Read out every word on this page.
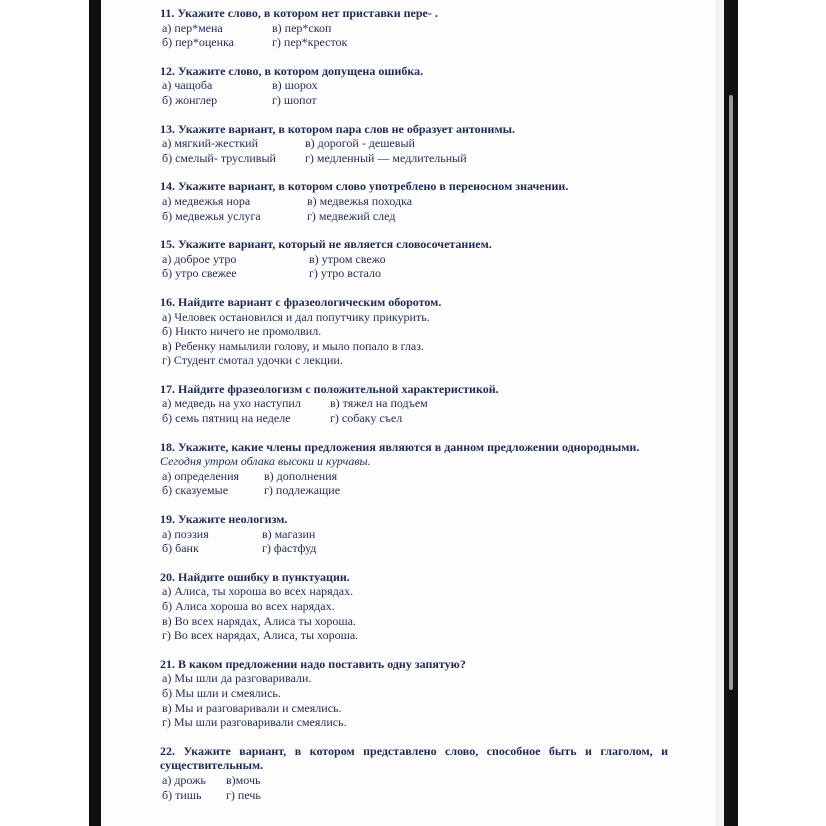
11. Укажите слово, в котором нет приставки пере- .
а) пер*мена	в) пер*скоп
б) пер*оценка	г) пер*кресток
12. Укажите слово, в котором допущена ошибка.
а) чащоба	в) шорох
б) жонглер	г) шопот
13. Укажите вариант, в котором пара слов не образует антонимы.
а) мягкий-жесткий	в) дорогой - дешевый
б) смелый- трусливый	г) медленный — медлительный
14. Укажите вариант, в котором слово употреблено в переносном значении.
а) медвежья нора	в) медвежья походка
б) медвежья услуга	г) медвежий след
15. Укажите вариант, который не является словосочетанием.
а) доброе утро	в) утром свежо
б) утро свежее	г) утро встало
16. Найдите вариант с фразеологическим оборотом.
а) Человек остановился и дал попутчику прикурить.
б) Никто ничего не промолвил.
в) Ребенку намылили голову, и мыло попало в глаз.
г) Студент смотал удочки с лекции.
17. Найдите фразеологизм с положительной характеристикой.
а) медведь на ухо наступил	в) тяжел на подъем
б) семь пятниц на неделе	г) собаку съел
18. Укажите, какие члены предложения являются в данном предложении однородными.
Сегодня утром облака высоки и курчавы.
а) определения	в) дополнения
б) сказуемые	г) подлежащие
19. Укажите неологизм.
а) поэзия	в) магазин
б) банк	г) фастфуд
20. Найдите ошибку в пунктуации.
а) Алиса, ты хороша во всех нарядах.
б) Алиса хороша во всех нарядах.
в) Во всех нарядах, Алиса ты хороша.
г) Во всех нарядах, Алиса, ты хороша.
21. В каком предложении надо поставить одну запятую?
а) Мы шли да разговаривали.
б) Мы шли и смеялись.
в) Мы и разговаривали и смеялись.
г) Мы шли разговаривали смеялись.
22. Укажите вариант, в котором представлено слово, способное быть и глаголом, и существительным.
а) дрожь	в)мочь
б) тишь	г) печь
